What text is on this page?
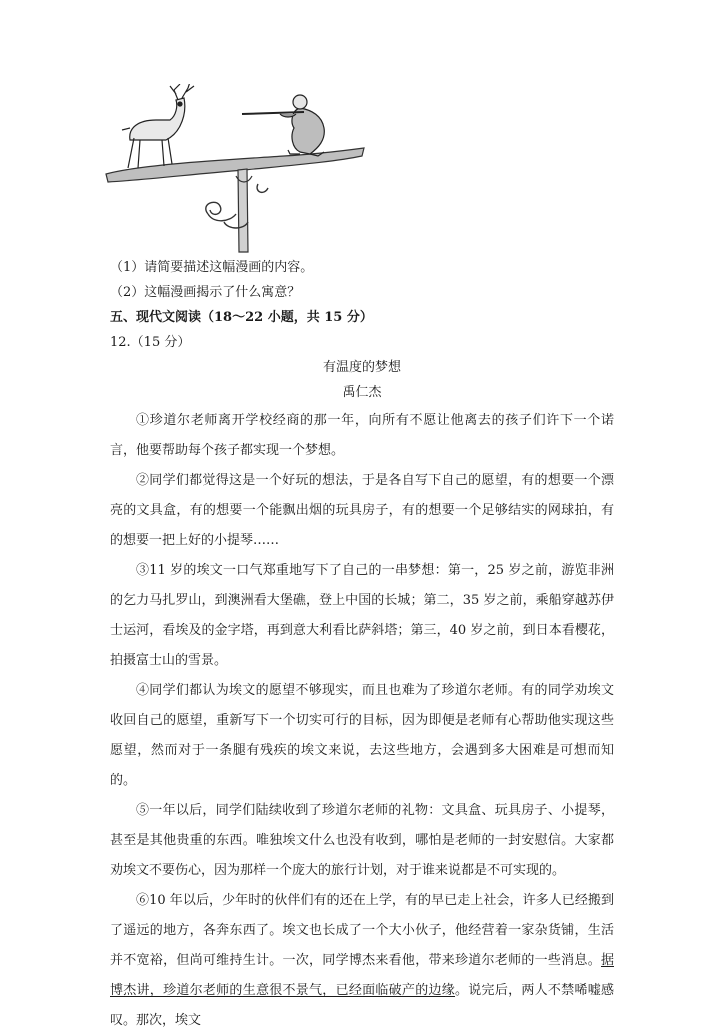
（1）请简要描述这幅漫画的内容。
（2）这幅漫画揭示了什么寓意？
五、现代文阅读（18～22 小题，共 15 分）
12.（15 分）
有温度的梦想
禹仁杰

①珍道尔老师离开学校经商的那一年，向所有不愿让他离去的孩子们许下一个诺言，他要帮助每个孩子都实现一个梦想。

②同学们都觉得这是一个好玩的想法，于是各自写下自己的愿望，有的想要一个漂亮的文具盒，有的想要一个能飘出烟的玩具房子，有的想要一个足够结实的网球拍，有的想要一把上好的小提琴……

③11 岁的埃文一口气郑重地写下了自己的一串梦想：第一，25 岁之前，游览非洲的乞力马扎罗山，到澳洲看大堡礁，登上中国的长城；第二，35 岁之前，乘船穿越苏伊士运河，看埃及的金字塔，再到意大利看比萨斜塔；第三，40 岁之前，到日本看樱花，拍摄富士山的雪景。

④同学们都认为埃文的愿望不够现实，而且也难为了珍道尔老师。有的同学劝埃文收回自己的愿望，重新写下一个切实可行的目标，因为即便是老师有心帮助他实现这些愿望，然而对于一条腿有残疾的埃文来说，去这些地方，会遇到多大困难是可想而知的。

⑤一年以后，同学们陆续收到了珍道尔老师的礼物：文具盒、玩具房子、小提琴，甚至是其他贵重的东西。唯独埃文什么也没有收到，哪怕是老师的一封安慰信。大家都劝埃文不要伤心，因为那样一个庞大的旅行计划，对于谁来说都是不可实现的。

⑥10 年以后，少年时的伙伴们有的还在上学，有的早已走上社会，许多人已经搬到了遥远的地方，各奔东西了。埃文也长成了一个大小伙子，他经营着一家杂货铺，生活并不宽裕，但尚可维持生计。一次，同学博杰来看他，带来珍道尔老师的一些消息。据博杰讲，珍道尔老师的生意很不景气，已经面临破产的边缘。说完后，两人不禁唏嘘感叹。那次，埃文
